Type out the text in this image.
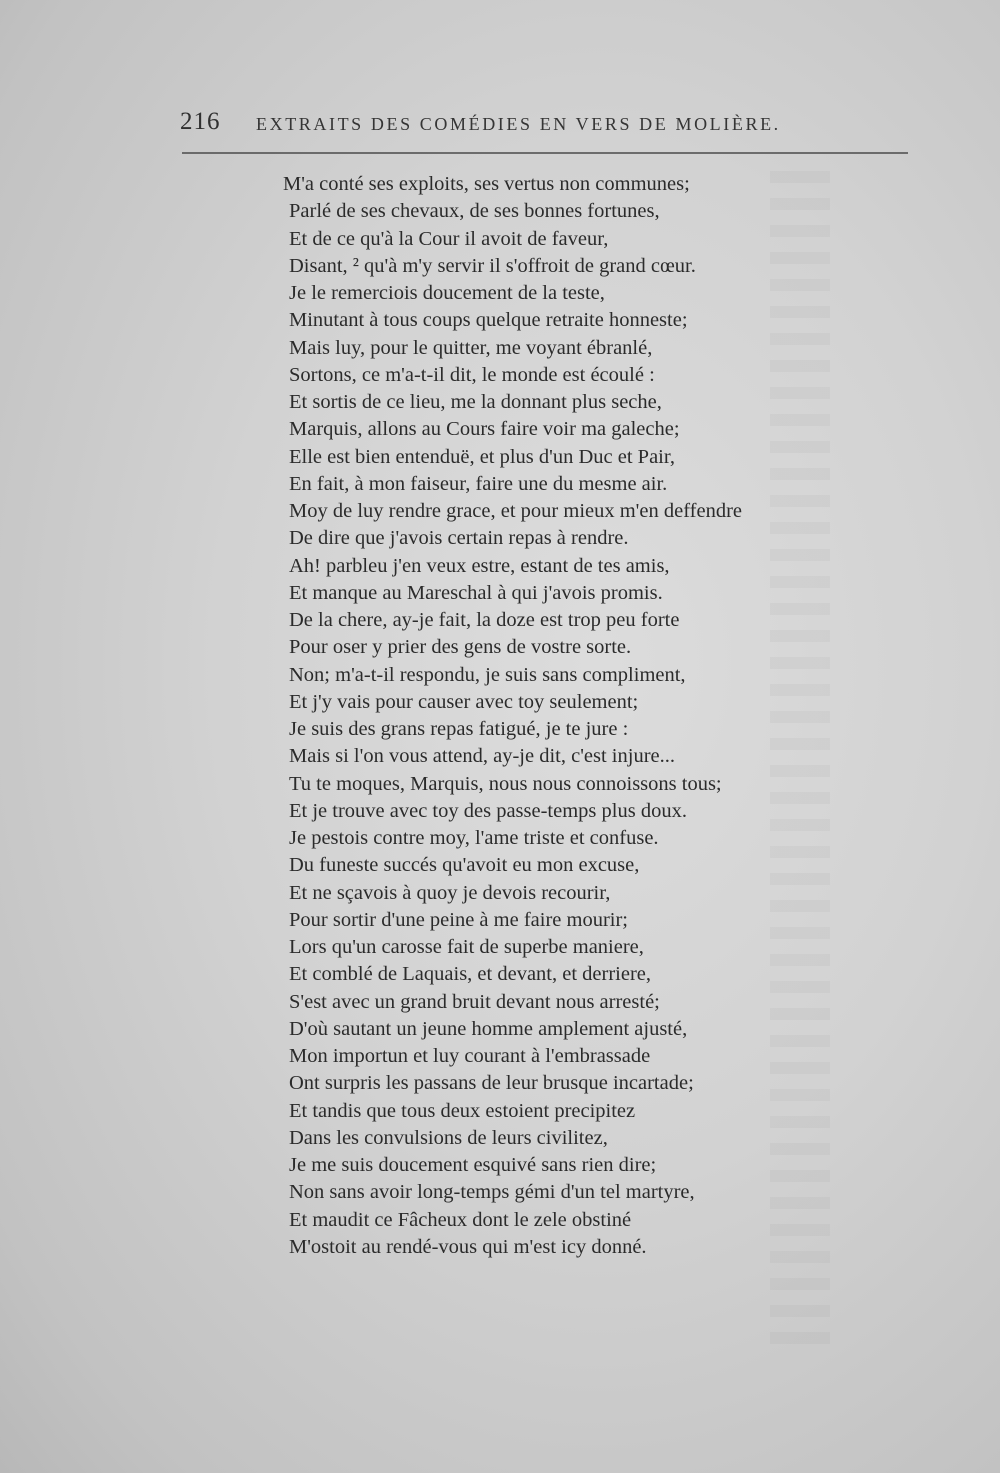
216 EXTRAITS DES COMÉDIES EN VERS DE MOLIÈRE.
M'a conté ses exploits, ses vertus non communes;
Parlé de ses chevaux, de ses bonnes fortunes,
Et de ce qu'à la Cour il avoit de faveur,
Disant, ² qu'à m'y servir il s'offroit de grand cœur.
Je le remerciois doucement de la teste,
Minutant à tous coups quelque retraite honneste;
Mais luy, pour le quitter, me voyant ébranlé,
Sortons, ce m'a-t-il dit, le monde est écoulé :
Et sortis de ce lieu, me la donnant plus seche,
Marquis, allons au Cours faire voir ma galeche;
Elle est bien entenduë, et plus d'un Duc et Pair,
En fait, à mon faiseur, faire une du mesme air.
Moy de luy rendre grace, et pour mieux m'en deffendre
De dire que j'avois certain repas à rendre.
Ah! parbleu j'en veux estre, estant de tes amis,
Et manque au Mareschal à qui j'avois promis.
De la chere, ay-je fait, la doze est trop peu forte
Pour oser y prier des gens de vostre sorte.
Non; m'a-t-il respondu, je suis sans compliment,
Et j'y vais pour causer avec toy seulement;
Je suis des grans repas fatigué, je te jure :
Mais si l'on vous attend, ay-je dit, c'est injure...
Tu te moques, Marquis, nous nous connoissons tous;
Et je trouve avec toy des passe-temps plus doux.
Je pestois contre moy, l'ame triste et confuse.
Du funeste succés qu'avoit eu mon excuse,
Et ne sçavois à quoy je devois recourir,
Pour sortir d'une peine à me faire mourir;
Lors qu'un carosse fait de superbe maniere,
Et comblé de Laquais, et devant, et derriere,
S'est avec un grand bruit devant nous arresté;
D'où sautant un jeune homme amplement ajusté,
Mon importun et luy courant à l'embrassade
Ont surpris les passans de leur brusque incartade;
Et tandis que tous deux estoient precipitez
Dans les convulsions de leurs civilitez,
Je me suis doucement esquivé sans rien dire;
Non sans avoir long-temps gémi d'un tel martyre,
Et maudit ce Fâcheux dont le zele obstiné
M'ostoit au rendé-vous qui m'est icy donné.
